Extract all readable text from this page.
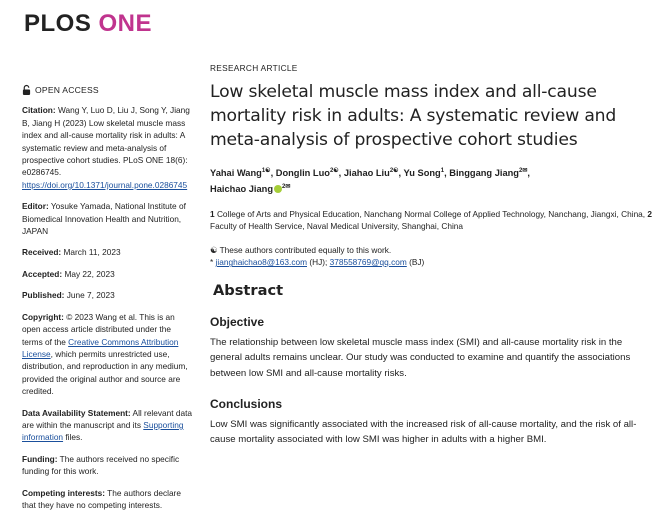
PLOS ONE
OPEN ACCESS
Citation: Wang Y, Luo D, Liu J, Song Y, Jiang B, Jiang H (2023) Low skeletal muscle mass index and all-cause mortality risk in adults: A systematic review and meta-analysis of prospective cohort studies. PLoS ONE 18(6): e0286745. https://doi.org/10.1371/journal.pone.0286745
Editor: Yosuke Yamada, National Institute of Biomedical Innovation Health and Nutrition, JAPAN
Received: March 11, 2023
Accepted: May 22, 2023
Published: June 7, 2023
Copyright: © 2023 Wang et al. This is an open access article distributed under the terms of the Creative Commons Attribution License, which permits unrestricted use, distribution, and reproduction in any medium, provided the original author and source are credited.
Data Availability Statement: All relevant data are within the manuscript and its Supporting information files.
Funding: The authors received no specific funding for this work.
Competing interests: The authors declare that they have no competing interests.
RESEARCH ARTICLE
Low skeletal muscle mass index and all-cause mortality risk in adults: A systematic review and meta-analysis of prospective cohort studies
Yahai Wang$^{1☯}$, Donglin Luo$^{2☯}$, Jiahao Liu$^{2☯}$, Yu Song$^1$, Binggang Jiang$^{2✉}$,
Haichao Jiang $^{2✉}$
1 College of Arts and Physical Education, Nanchang Normal College of Applied Technology, Nanchang, Jiangxi, China, 2 Faculty of Health Service, Naval Medical University, Shanghai, China
☯ These authors contributed equally to this work.
* jianghaichao8@163.com (HJ); 378558769@qq.com (BJ)
Abstract
Objective

The relationship between low skeletal muscle mass index (SMI) and all-cause mortality risk in the general adults remains unclear. Our study was conducted to examine and quantify the associations between low SMI and all-cause mortality risks.

Conclusions

Low SMI was significantly associated with the increased risk of all-cause mortality, and the risk of all-cause mortality associated with low SMI was higher in adults with a higher BMI.
